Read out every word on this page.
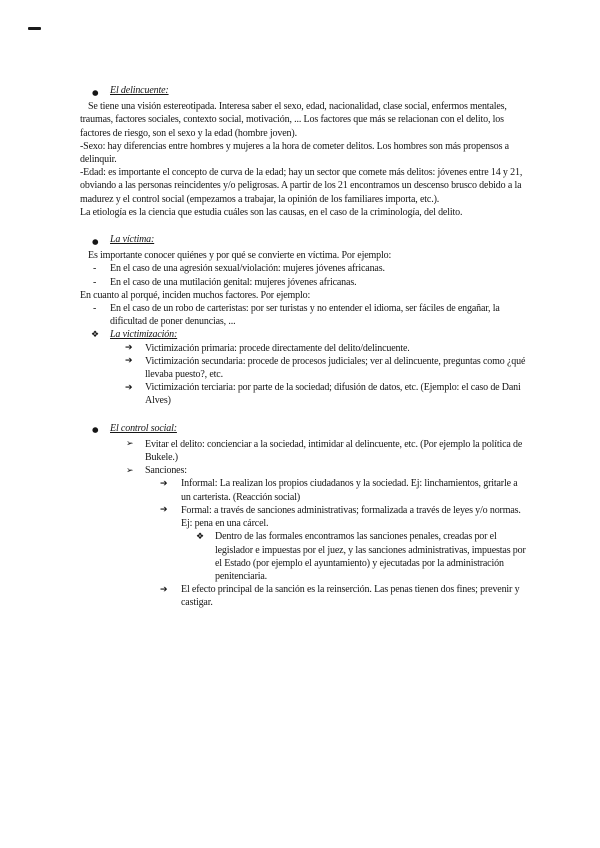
● El delincuente:
Se tiene una visión estereotipada. Interesa saber el sexo, edad, nacionalidad, clase social, enfermos mentales, traumas, factores sociales, contexto social, motivación, ... Los factores que más se relacionan con el delito, los factores de riesgo, son el sexo y la edad (hombre joven).
-Sexo: hay diferencias entre hombres y mujeres a la hora de cometer delitos. Los hombres son más propensos a delinquir.
-Edad: es importante el concepto de curva de la edad; hay un sector que comete más delitos: jóvenes entre 14 y 21, obviando a las personas reincidentes y/o peligrosas. A partir de los 21 encontramos un descenso brusco debido a la madurez y el control social (empezamos a trabajar, la opinión de los familiares importa, etc.).
La etiología es la ciencia que estudia cuáles son las causas, en el caso de la criminología, del delito.
● La víctima:
Es importante conocer quiénes y por qué se convierte en víctima. Por ejemplo:
- En el caso de una agresión sexual/violación: mujeres jóvenes africanas.
- En el caso de una mutilación genital: mujeres jóvenes africanas.
En cuanto al porqué, inciden muchos factores. Por ejemplo:
- En el caso de un robo de carteristas: por ser turistas y no entender el idioma, ser fáciles de engañar, la dificultad de poner denuncias, ...
❖ La victimización:
➔ Victimización primaria: procede directamente del delito/delincuente.
➔ Victimización secundaria: procede de procesos judiciales; ver al delincuente, preguntas como ¿qué llevaba puesto?, etc.
➔ Victimización terciaria: por parte de la sociedad; difusión de datos, etc. (Ejemplo: el caso de Dani Alves)
● El control social:
➢ Evitar el delito: concienciar a la sociedad, intimidar al delincuente, etc. (Por ejemplo la política de Bukele.)
➢ Sanciones:
➔ Informal: La realizan los propios ciudadanos y la sociedad. Ej: linchamientos, gritarle a un carterista. (Reacción social)
➔ Formal: a través de sanciones administrativas; formalizada a través de leyes y/o normas. Ej: pena en una cárcel.
❖ Dentro de las formales encontramos las sanciones penales, creadas por el legislador e impuestas por el juez, y las sanciones administrativas, impuestas por el Estado (por ejemplo el ayuntamiento) y ejecutadas por la administración penitenciaria.
➔ El efecto principal de la sanción es la reinserción. Las penas tienen dos fines; prevenir y castigar.
